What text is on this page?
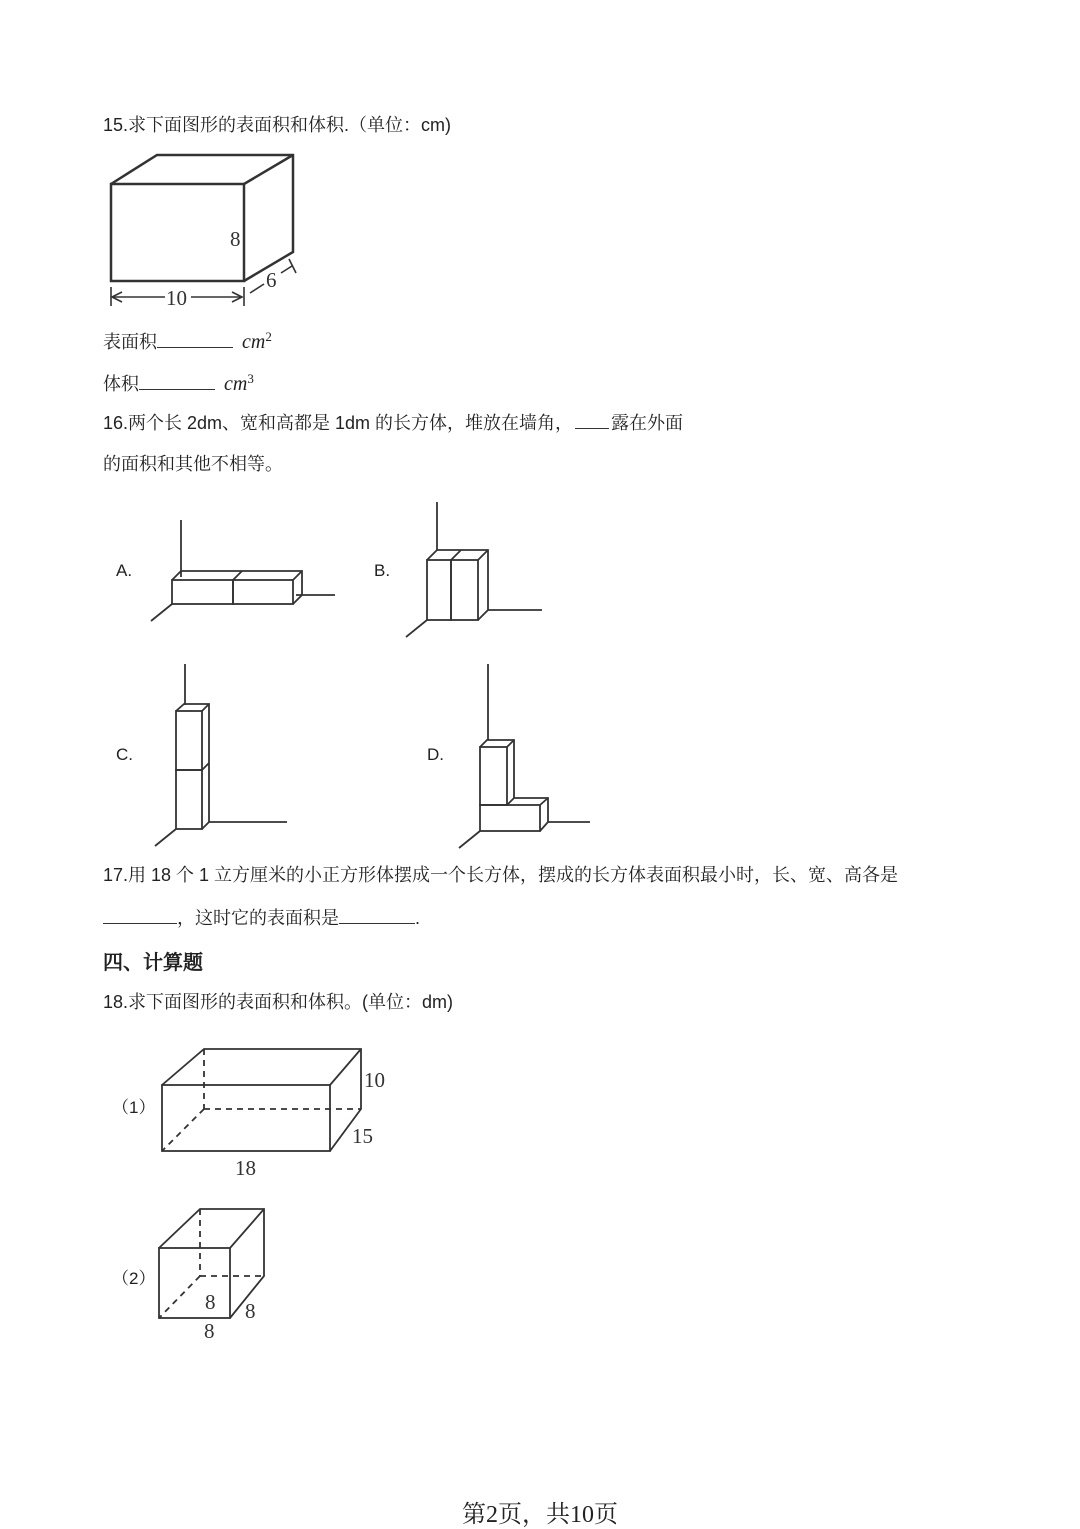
15.求下面图形的表面积和体积.（单位：cm)
8
10
6
表面积	$cm^2$
体积	$cm^3$
16.两个长 2dm、宽和高都是 1dm 的长方体，堆放在墙角， 露在外面
的面积和其他不相等。
A.	B.
C.	D.
17.用 18 个 1 立方厘米的小正方形体摆成一个长方体，摆成的长方体表面积最小时，长、宽、高各是
，这时它的表面积是	.
四、计算题
18.求下面图形的表面积和体积。(单位：dm)
（1）
（2）
10
15
18
8 8
8
第2页，共10页
